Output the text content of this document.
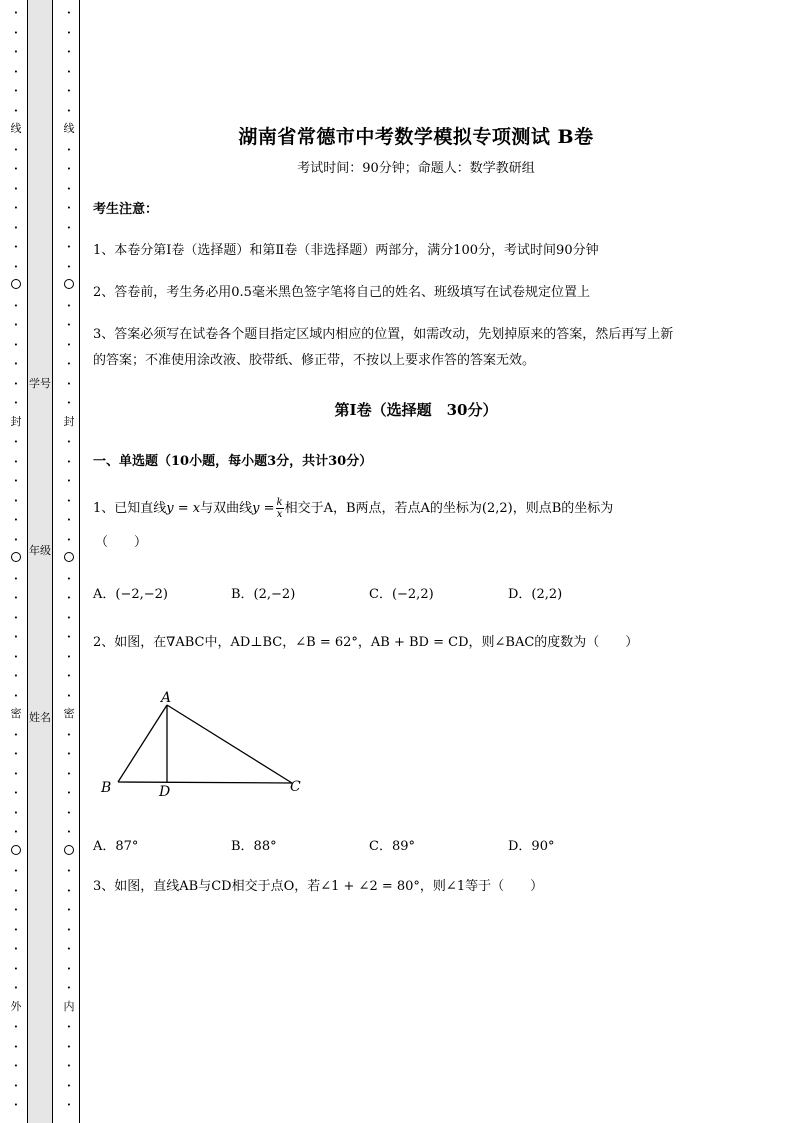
•
•
•
•
•
•
线
•
•
•
•
•
•
•
•
•
•
•
•
•
封
•
•
•
•
•
•
•
•
•
•
•
•
•
密
•
•
•
•
•
•
•
•
•
•
•
•
•
外
•
•
•
•
•
•
•
•
•
•
•
线
•
•
•
•
•
•
•
•
•
•
•
•
•
封
•
•
•
•
•
•
•
•
•
•
•
•
•
密
•
•
•
•
•
•
•
•
•
•
•
•
•
内
•
•
•
•
•
学号
年级
姓名
湖南省常德市中考数学模拟专项测试 B卷
考试时间：90分钟；命题人：数学教研组
考生注意：
1、本卷分第I卷（选择题）和第Ⅱ卷（非选择题）两部分，满分100分，考试时间90分钟
2、答卷前，考生务必用0.5毫米黑色签字笔将自己的姓名、班级填写在试卷规定位置上
3、答案必须写在试卷各个题目指定区域内相应的位置，如需改动，先划掉原来的答案，然后再写上新
的答案；不准使用涂改液、胶带纸、修正带，不按以上要求作答的答案无效。
第I卷（选择题　30分）
一、单选题（10小题，每小题3分，共计30分）
1、已知直线y = x与双曲线$y = \frac{k}{x}$ 相交于A，B两点，若点A的坐标为(2,2)，则点B的坐标为
（　　）
A．(−2,−2)	B．(2,−2)	C．(−2,2)	D．(2,2)
2、如图，在∇ABC中，AD⊥BC，∠B = 62°，AB + BD = CD，则∠BAC的度数为（　　）
A
B	C
D
A．87°	B．88°	C．89°	D．90°
3、如图，直线AB与CD相交于点O，若∠1 + ∠2 = 80°，则∠1等于（　　）
